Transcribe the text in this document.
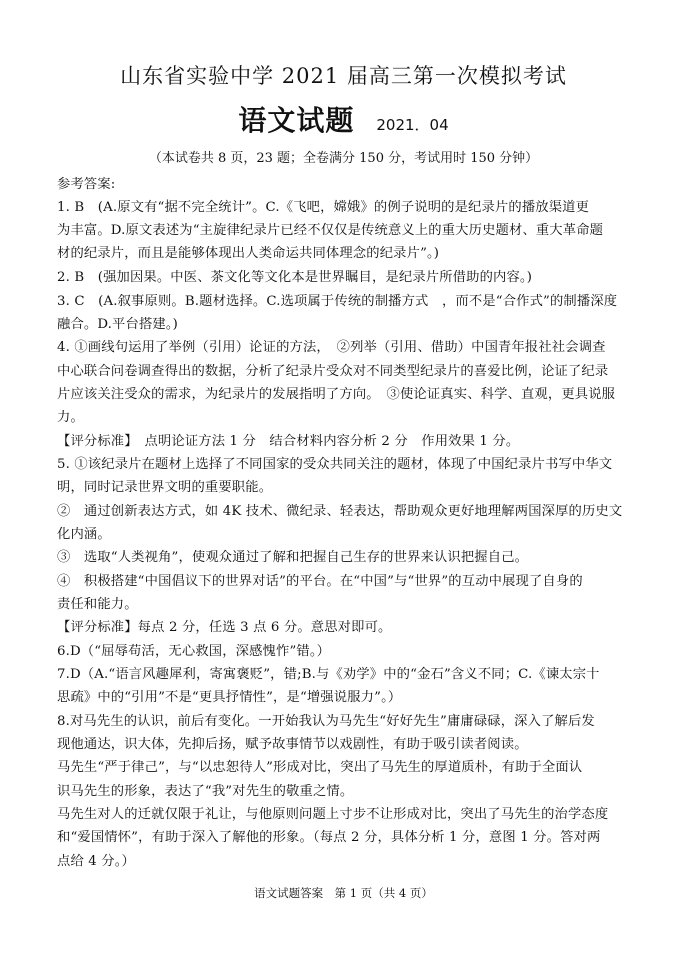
山东省实验中学 2021 届高三第一次模拟考试
语文试题 2021．04
（本试卷共 8 页，23 题；全卷满分 150 分，考试用时 150 分钟）
参考答案:
1. B　(A.原文有“据不完全统计”。C.《飞吧，嫦娥》的例子说明的是纪录片的播放渠道更
为丰富。D.原文表述为“主旋律纪录片已经不仅仅是传统意义上的重大历史题材、重大革命题
材的纪录片，而且是能够体现出人类命运共同体理念的纪录片”。)
2. B　(强加因果。中医、茶文化等文化本是世界瞩目，是纪录片所借助的内容。)
3. C　(A.叙事原则。B.题材选择。C.选项属于传统的制播方式　，而不是“合作式”的制播深度
融合。D.平台搭建。)
4. ①画线句运用了举例（引用）论证的方法，　②列举（引用、借助）中国青年报社社会调查
中心联合问卷调查得出的数据，分析了纪录片受众对不同类型纪录片的喜爱比例，论证了纪录
片应该关注受众的需求，为纪录片的发展指明了方向。　③使论证真实、科学、直观，更具说服
力。
【评分标准】　点明论证方法 1 分　结合材料内容分析 2 分　作用效果 1 分。
5. ①该纪录片在题材上选择了不同国家的受众共同关注的题材，体现了中国纪录片书写中华文
明，同时记录世界文明的重要职能。
②　通过创新表达方式，如 4K 技术、微纪录、轻表达，帮助观众更好地理解两国深厚的历史文
化内涵。
③　选取“人类视角”，使观众通过了解和把握自己生存的世界来认识把握自己。
④　积极搭建“中国倡议下的世界对话”的平台。在“中国”与“世界”的互动中展现了自身的
责任和能力。
【评分标准】每点 2 分，任选 3 点 6 分。意思对即可。
6.D（“屈辱苟活，无心救国，深感愧怍”错。）
7.D（A.“语言风趣犀利，寄寓褒贬”，错;B.与《劝学》中的“金石”含义不同；C.《谏太宗十
思疏》中的“引用”不是“更具抒情性”，是“增强说服力”。）
8.对马先生的认识，前后有变化。一开始我认为马先生“好好先生”庸庸碌碌，深入了解后发
现他通达，识大体，先抑后扬，赋予故事情节以戏剧性，有助于吸引读者阅读。
马先生“严于律己”，与“以忠恕待人”形成对比，突出了马先生的厚道质朴，有助于全面认
识马先生的形象，表达了“我”对先生的敬重之情。
马先生对人的迁就仅限于礼让，与他原则问题上寸步不让形成对比，突出了马先生的治学态度
和“爱国情怀”，有助于深入了解他的形象。（每点 2 分，具体分析 1 分，意图 1 分。答对两
点给 4 分。）
语文试题答案　第 1 页（共 4 页）
